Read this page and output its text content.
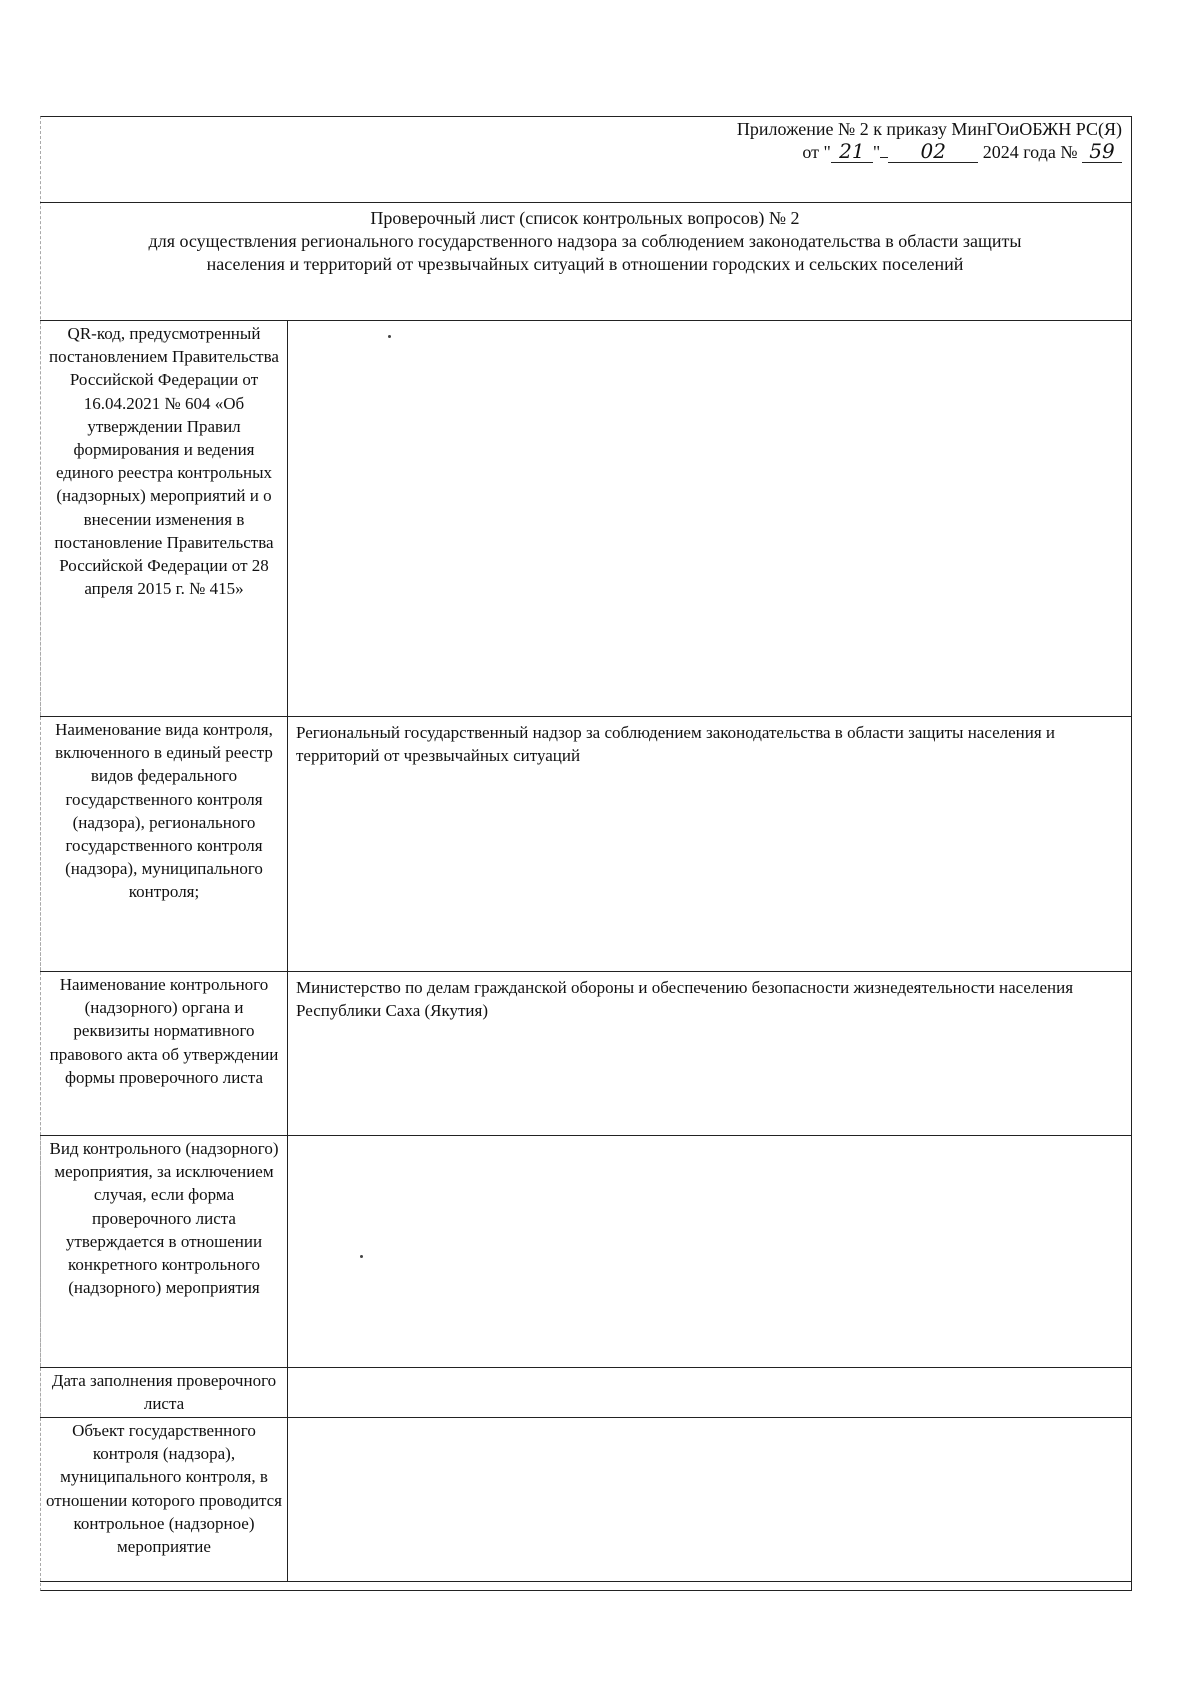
Приложение № 2 к приказу МинГОиОБЖН РС(Я)
от " 21 " 02 2024 года № 59
Проверочный лист (список контрольных вопросов) № 2
для осуществления регионального государственного надзора за соблюдением законодательства в области защиты
населения и территорий от чрезвычайных ситуаций в отношении городских и сельских поселений
QR-код, предусмотренный постановлением Правительства Российской Федерации от 16.04.2021 № 604 «Об утверждении Правил формирования и ведения единого реестра контрольных (надзорных) мероприятий и о внесении изменения в постановление Правительства Российской Федерации от 28 апреля 2015 г. № 415»	
Наименование вида контроля, включенного в единый реестр видов федерального государственного контроля (надзора), регионального государственного контроля (надзора), муниципального контроля;	Региональный государственный надзор за соблюдением законодательства в области защиты населения и территорий от чрезвычайных ситуаций
Наименование контрольного (надзорного) органа и реквизиты нормативного правового акта об утверждении формы проверочного листа	Министерство по делам гражданской обороны и обеспечению безопасности жизнедеятельности населения Республики Саха (Якутия)
Вид контрольного (надзорного) мероприятия, за исключением случая, если форма проверочного листа утверждается в отношении конкретного контрольного (надзорного) мероприятия	
Дата заполнения проверочного листа	
Объект государственного контроля (надзора), муниципального контроля, в отношении которого проводится контрольное (надзорное) мероприятие	
